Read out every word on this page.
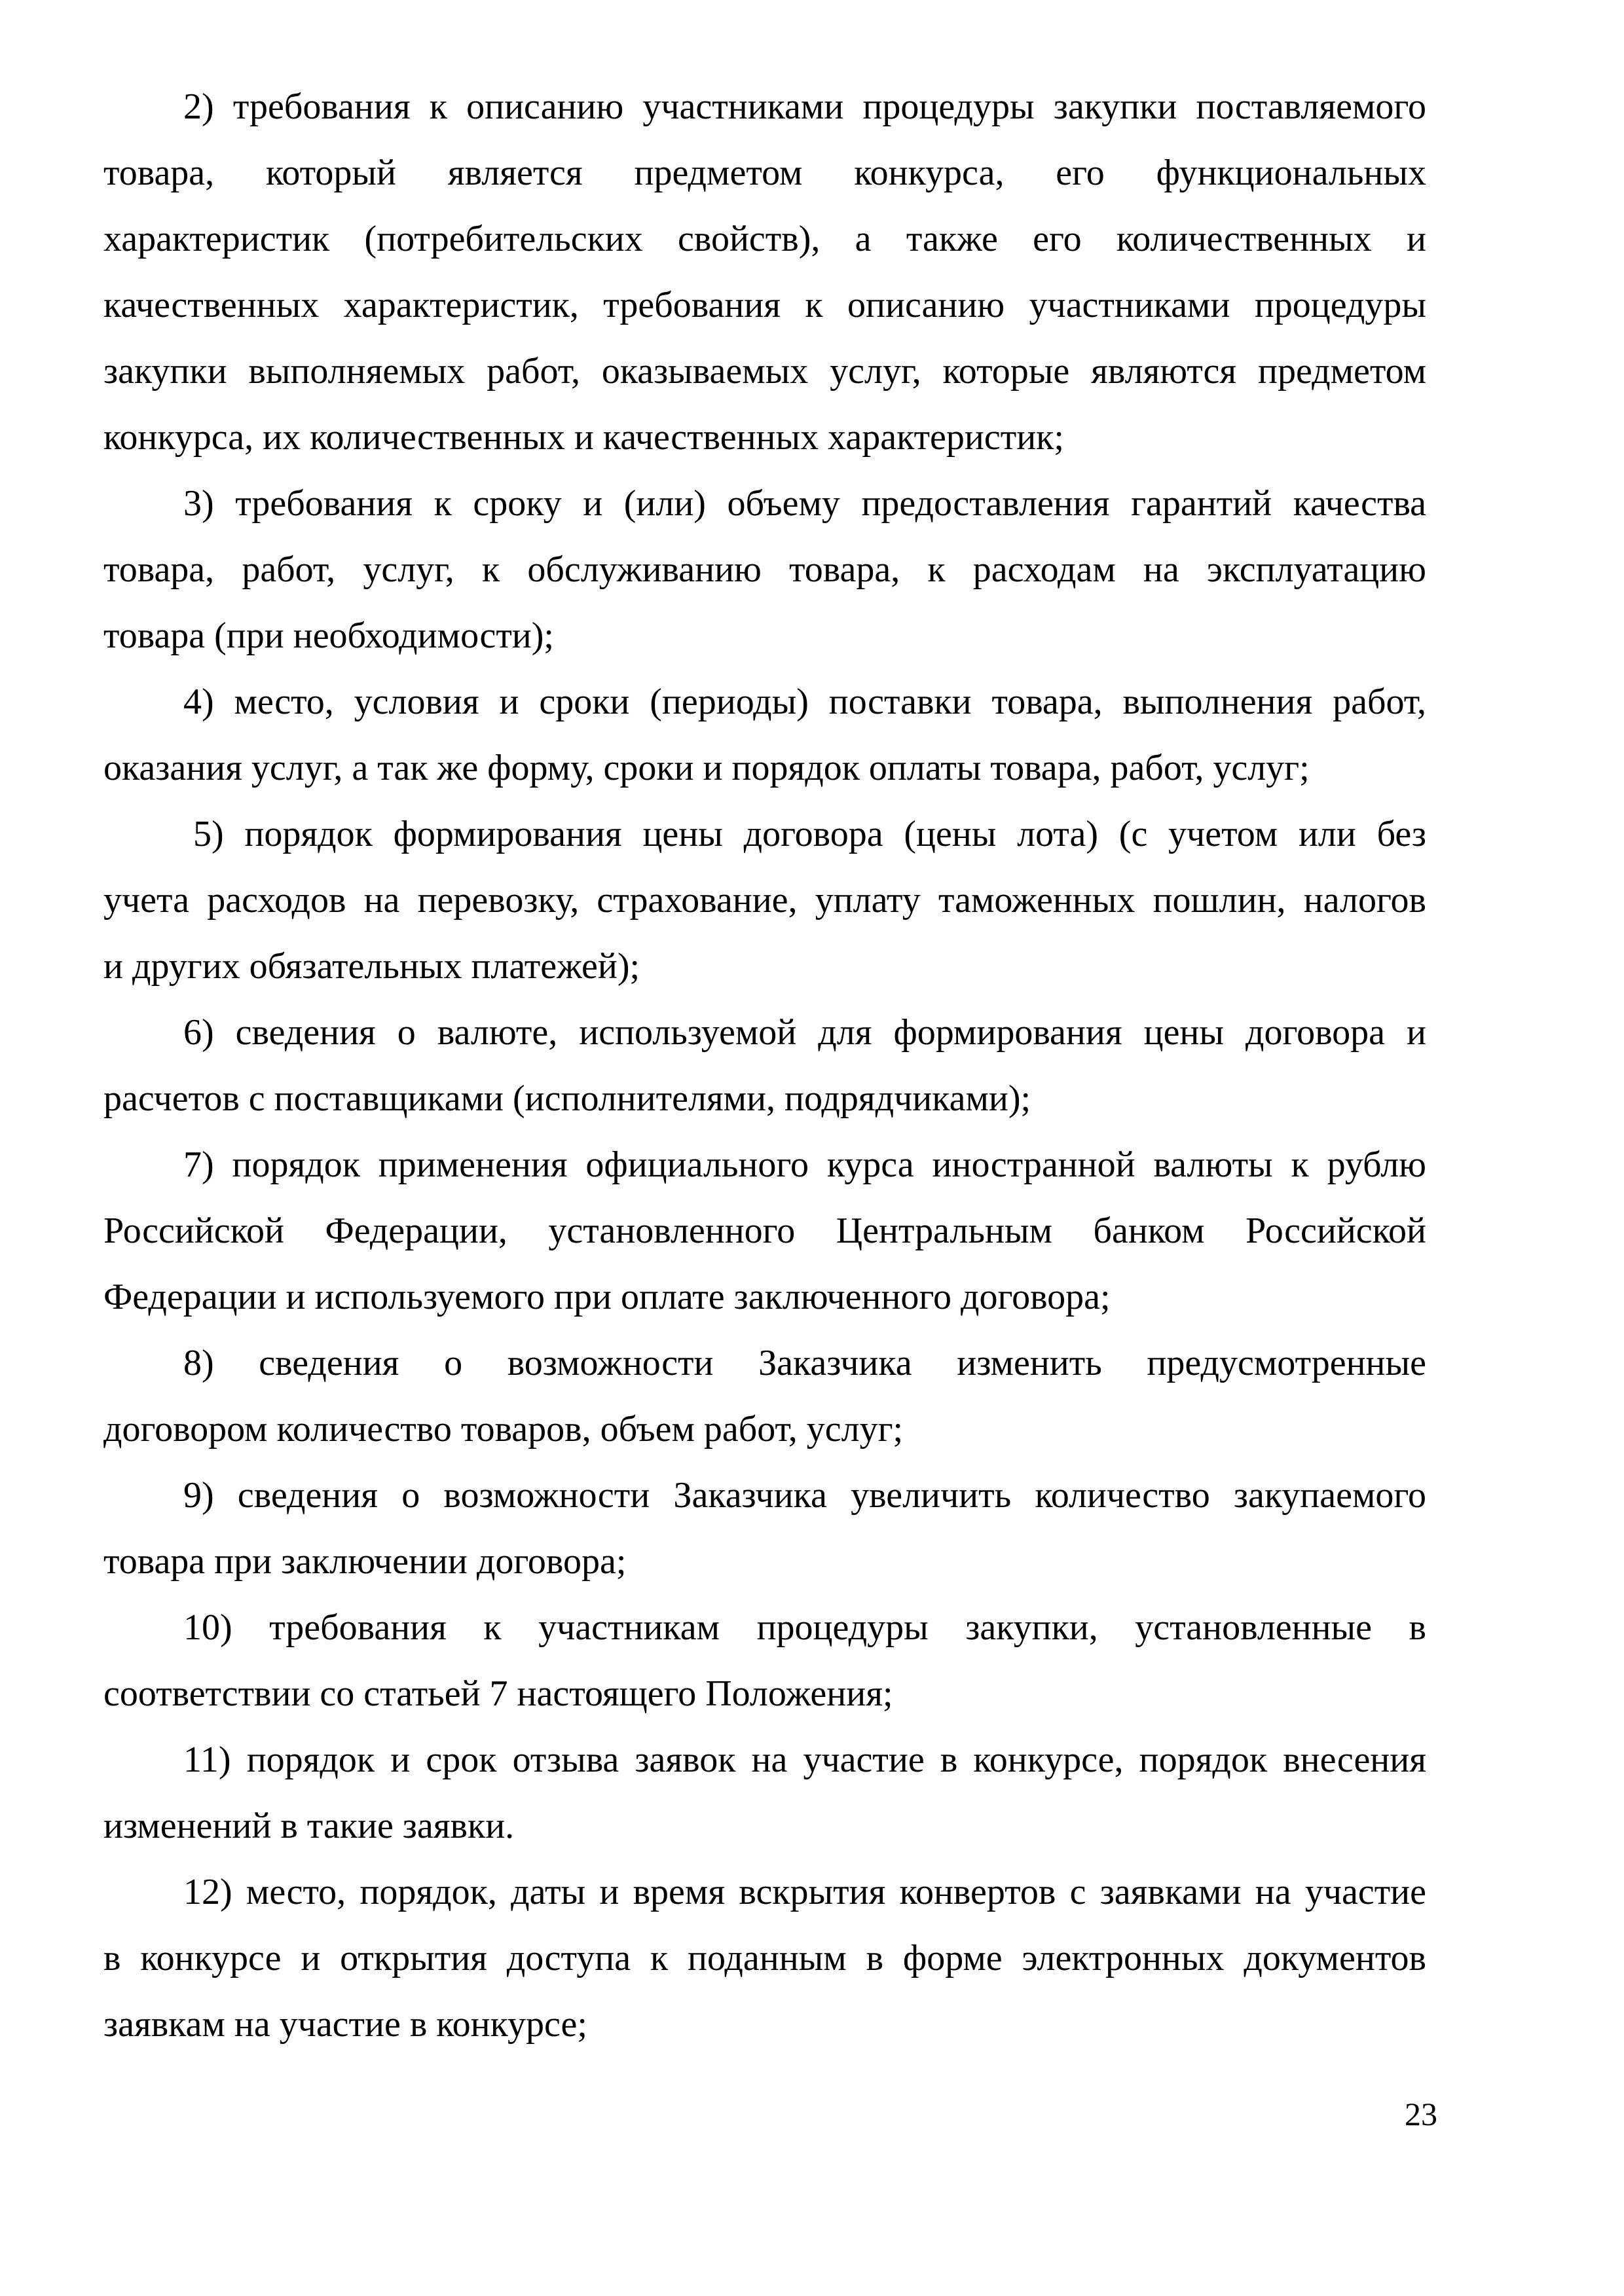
2) требования к описанию участниками процедуры закупки поставляемого
товара, который является предметом конкурса, его функциональных
характеристик (потребительских свойств), а также его количественных и
качественных характеристик, требования к описанию участниками процедуры
закупки выполняемых работ, оказываемых услуг, которые являются предметом
конкурса, их количественных и качественных характеристик;
3) требования к сроку и (или) объему предоставления гарантий качества
товара, работ, услуг, к обслуживанию товара, к расходам на эксплуатацию
товара (при необходимости);
4) место, условия и сроки (периоды) поставки товара, выполнения работ,
оказания услуг, а так же форму, сроки и порядок оплаты товара, работ, услуг;
5) порядок формирования цены договора (цены лота) (с учетом или без
учета расходов на перевозку, страхование, уплату таможенных пошлин, налогов
и других обязательных платежей);
6) сведения о валюте, используемой для формирования цены договора и
расчетов с поставщиками (исполнителями, подрядчиками);
7) порядок применения официального курса иностранной валюты к рублю
Российской Федерации, установленного Центральным банком Российской
Федерации и используемого при оплате заключенного договора;
8) сведения о возможности Заказчика изменить предусмотренные
договором количество товаров, объем работ, услуг;
9) сведения о возможности Заказчика увеличить количество закупаемого
товара при заключении договора;
10) требования к участникам процедуры закупки, установленные в
соответствии со статьей 7 настоящего Положения;
11) порядок и срок отзыва заявок на участие в конкурсе, порядок внесения
изменений в такие заявки.
12) место, порядок, даты и время вскрытия конвертов с заявками на участие
в конкурсе и открытия доступа к поданным в форме электронных документов
заявкам на участие в конкурсе;
23
